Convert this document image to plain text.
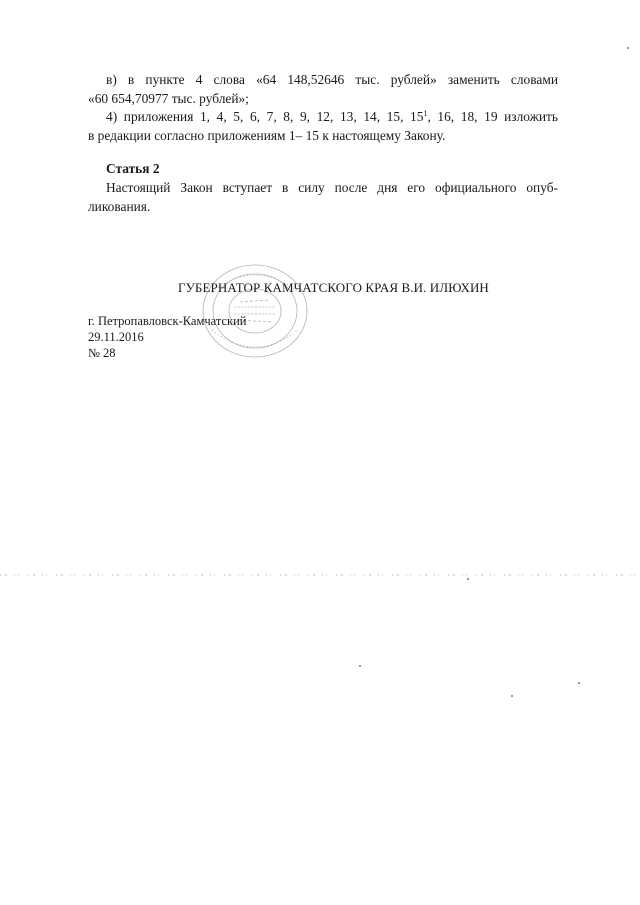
в) в пункте 4 слова «64 148,52646 тыс. рублей» заменить словами

«60 654,70977 тыс. рублей»;

4) приложения 1, 4, 5, 6, 7, 8, 9, 12, 13, 14, 15, $15^1$, 16, 18, 19 изложить

в редакции согласно приложениям 1– 15 к настоящему Закону.

Статья 2

Настоящий Закон вступает в силу после дня его официального опуб-

ликования.

ГУБЕРНАТОР КАМЧАТСКОГО КРАЯ В.И. ИЛЮХИН
г. Петропавловск-Камчатский
29.11.2016
№ 28
